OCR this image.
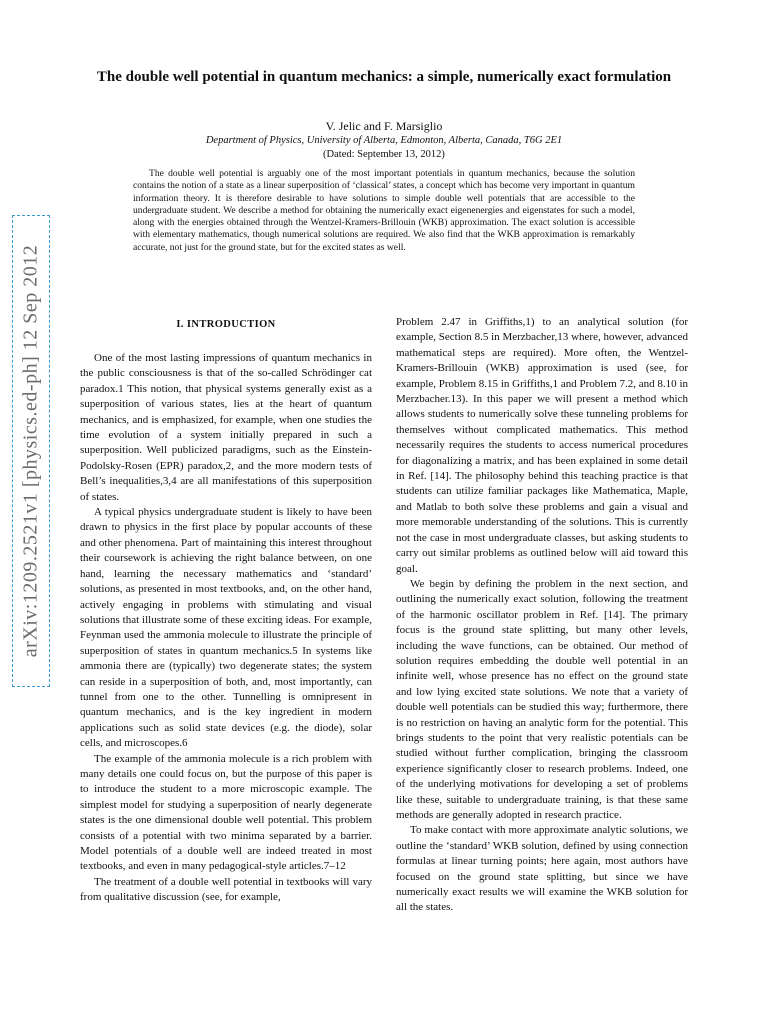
arXiv:1209.2521v1 [physics.ed-ph] 12 Sep 2012
The double well potential in quantum mechanics: a simple, numerically exact formulation

V. Jelic and F. Marsiglio

Department of Physics, University of Alberta, Edmonton, Alberta, Canada, T6G 2E1

(Dated: September 13, 2012)

The double well potential is arguably one of the most important potentials in quantum mechanics, because the solution contains the notion of a state as a linear superposition of ‘classical’ states, a concept which has become very important in quantum information theory. It is therefore desirable to have solutions to simple double well potentials that are accessible to the undergraduate student. We describe a method for obtaining the numerically exact eigenenergies and eigenstates for such a model, along with the energies obtained through the Wentzel-Kramers-Brillouin (WKB) approximation. The exact solution is accessible with elementary mathematics, though numerical solutions are required. We also find that the WKB approximation is remarkably accurate, not just for the ground state, but for the excited states as well.

I. INTRODUCTION

One of the most lasting impressions of quantum mechanics in the public consciousness is that of the so-called Schrödinger cat paradox.1 This notion, that physical systems generally exist as a superposition of various states, lies at the heart of quantum mechanics, and is emphasized, for example, when one studies the time evolution of a system initially prepared in such a superposition. Well publicized paradigms, such as the Einstein-Podolsky-Rosen (EPR) paradox,2, and the more modern tests of Bell’s inequalities,3,4 are all manifestations of this superposition of states.

A typical physics undergraduate student is likely to have been drawn to physics in the first place by popular accounts of these and other phenomena. Part of maintaining this interest throughout their coursework is achieving the right balance between, on one hand, learning the necessary mathematics and ‘standard’ solutions, as presented in most textbooks, and, on the other hand, actively engaging in problems with stimulating and visual solutions that illustrate some of these exciting ideas. For example, Feynman used the ammonia molecule to illustrate the principle of superposition of states in quantum mechanics.5 In systems like ammonia there are (typically) two degenerate states; the system can reside in a superposition of both, and, most importantly, can tunnel from one to the other. Tunnelling is omnipresent in quantum mechanics, and is the key ingredient in modern applications such as solid state devices (e.g. the diode), solar cells, and microscopes.6

The example of the ammonia molecule is a rich problem with many details one could focus on, but the purpose of this paper is to introduce the student to a more microscopic example. The simplest model for studying a superposition of nearly degenerate states is the one dimensional double well potential. This problem consists of a potential with two minima separated by a barrier. Model potentials of a double well are indeed treated in most textbooks, and even in many pedagogical-style articles.7–12

The treatment of a double well potential in textbooks will vary from qualitative discussion (see, for example,

Problem 2.47 in Griffiths,1) to an analytical solution (for example, Section 8.5 in Merzbacher,13 where, however, advanced mathematical steps are required). More often, the Wentzel-Kramers-Brillouin (WKB) approximation is used (see, for example, Problem 8.15 in Griffiths,1 and Problem 7.2, and 8.10 in Merzbacher.13). In this paper we will present a method which allows students to numerically solve these tunneling problems for themselves without complicated mathematics. This method necessarily requires the students to access numerical procedures for diagonalizing a matrix, and has been explained in some detail in Ref. [14]. The philosophy behind this teaching practice is that students can utilize familiar packages like Mathematica, Maple, and Matlab to both solve these problems and gain a visual and more memorable understanding of the solutions. This is currently not the case in most undergraduate classes, but asking students to carry out similar problems as outlined below will aid toward this goal.

We begin by defining the problem in the next section, and outlining the numerically exact solution, following the treatment of the harmonic oscillator problem in Ref. [14]. The primary focus is the ground state splitting, but many other levels, including the wave functions, can be obtained. Our method of solution requires embedding the double well potential in an infinite well, whose presence has no effect on the ground state and low lying excited state solutions. We note that a variety of double well potentials can be studied this way; furthermore, there is no restriction on having an analytic form for the potential. This brings students to the point that very realistic potentials can be studied without further complication, bringing the classroom experience significantly closer to research problems. Indeed, one of the underlying motivations for developing a set of problems like these, suitable to undergraduate training, is that these same methods are generally adopted in research practice.

To make contact with more approximate analytic solutions, we outline the ‘standard’ WKB solution, defined by using connection formulas at linear turning points; here again, most authors have focused on the ground state splitting, but since we have numerically exact results we will examine the WKB solution for all the states.
